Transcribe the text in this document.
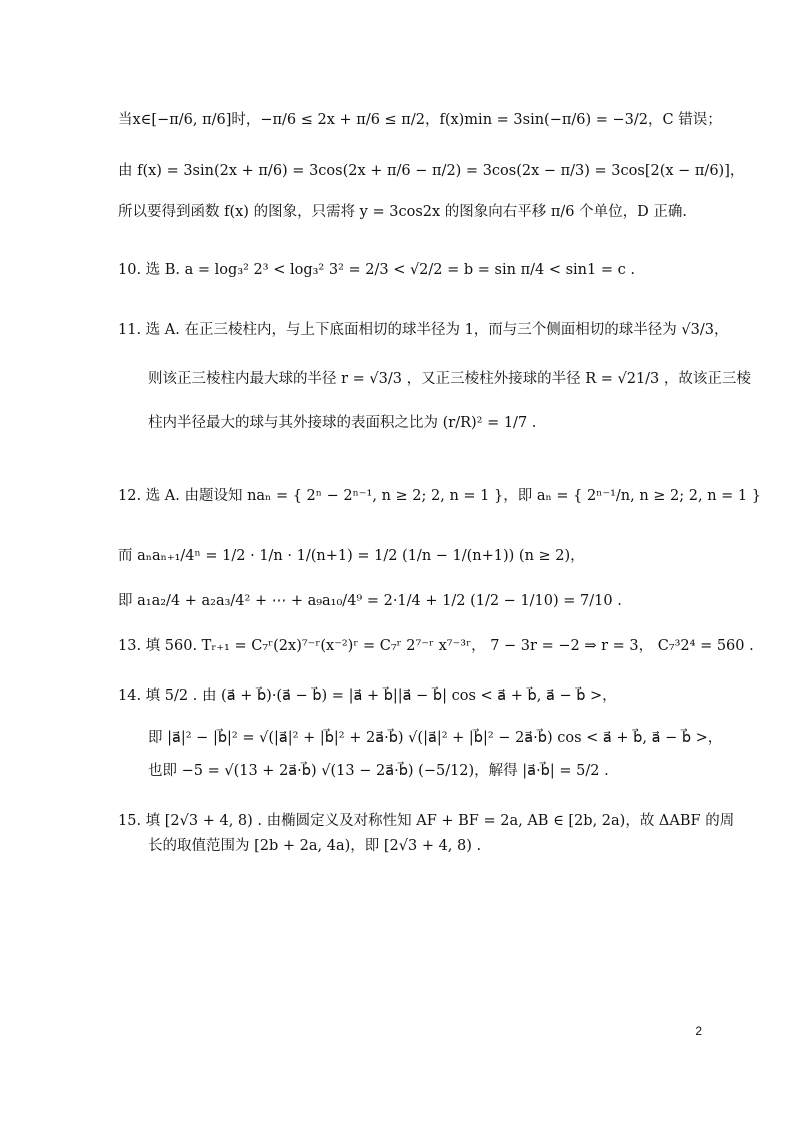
当x∈[−π/6, π/6]时，−π/6 ≤ 2x + π/6 ≤ π/2，f(x)min = 3sin(−π/6) = −3/2，C 错误；
由 f(x) = 3sin(2x + π/6) = 3cos(2x + π/6 − π/2) = 3cos(2x − π/3) = 3cos[2(x − π/6)]，
所以要得到函数 f(x) 的图象，只需将 y = 3cos2x 的图象向右平移 π/6 个单位，D 正确.
10. 选 B. a = log₃² 2³ < log₃² 3² = 2/3 < √2/2 = b = sin π/4 < sin1 = c .
11. 选 A. 在正三棱柱内，与上下底面相切的球半径为 1，而与三个侧面相切的球半径为 √3/3，
则该正三棱柱内最大球的半径 r = √3/3 ，又正三棱柱外接球的半径 R = √21/3 ，故该正三棱
柱内半径最大的球与其外接球的表面积之比为 (r/R)² = 1/7 .
12. 选 A. 由题设知 naₙ = { 2ⁿ − 2ⁿ⁻¹, n ≥ 2; 2, n = 1 }，即 aₙ = { 2ⁿ⁻¹/n, n ≥ 2; 2, n = 1 }
而 aₙaₙ₊₁/4ⁿ = 1/2 · 1/n · 1/(n+1) = 1/2 (1/n − 1/(n+1)) (n ≥ 2)，
即 a₁a₂/4 + a₂a₃/4² + ⋯ + a₉a₁₀/4⁹ = 2·1/4 + 1/2 (1/2 − 1/10) = 7/10 .
13. 填 560. Tᵣ₊₁ = C₇ʳ(2x)⁷⁻ʳ(x⁻²)ʳ = C₇ʳ 2⁷⁻ʳ x⁷⁻³ʳ， 7 − 3r = −2 ⇒ r = 3， C₇³2⁴ = 560 .
14. 填 5/2 . 由 (a⃗ + b⃗)·(a⃗ − b⃗) = |a⃗ + b⃗||a⃗ − b⃗| cos < a⃗ + b⃗, a⃗ − b⃗ >，
即 |a⃗|² − |b⃗|² = √(|a⃗|² + |b⃗|² + 2a⃗·b⃗) √(|a⃗|² + |b⃗|² − 2a⃗·b⃗) cos < a⃗ + b⃗, a⃗ − b⃗ >，
也即 −5 = √(13 + 2a⃗·b⃗) √(13 − 2a⃗·b⃗) (−5/12)，解得 |a⃗·b⃗| = 5/2 .
15. 填 [2√3 + 4, 8) . 由椭圆定义及对称性知 AF + BF = 2a, AB ∈ [2b, 2a)，故 ΔABF 的周
长的取值范围为 [2b + 2a, 4a)，即 [2√3 + 4, 8) .
2
